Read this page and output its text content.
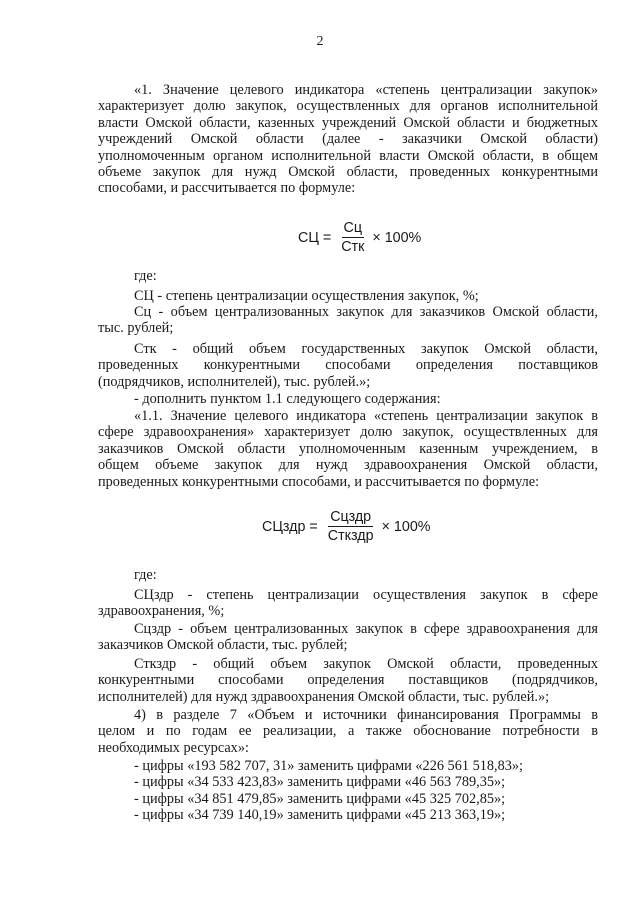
2
«1. Значение целевого индикатора «степень централизации закупок»
характеризует долю закупок, осуществленных для органов исполнительной
власти Омской области, казенных учреждений Омской области и бюджетных
учреждений Омской области (далее - заказчики Омской области)
уполномоченным органом исполнительной власти Омской области, в общем
объеме закупок для нужд Омской области, проведенных конкурентными
способами, и рассчитывается по формуле:
СЦ = $\frac{Сц}{\text{Стк}} \times 100\%$
где:
СЦ - степень централизации осуществления закупок, %;
Сц - объем централизованных закупок для заказчиков Омской области,
тыс. рублей;
Стк - общий объем государственных закупок Омской области,
проведенных конкурентными способами определения поставщиков
(подрядчиков, исполнителей), тыс. рублей.»;
- дополнить пунктом 1.1 следующего содержания:
«1.1. Значение целевого индикатора «степень централизации закупок в
сфере здравоохранения» характеризует долю закупок, осуществленных для
заказчиков Омской области уполномоченным казенным учреждением, в
общем объеме закупок для нужд здравоохранения Омской области,
проведенных конкурентными способами, и рассчитывается по формуле:
СЦздр = $\frac{\text{Сцздр}}{\text{Сткздр}} \times 100\%$
где:
СЦздр - степень централизации осуществления закупок в сфере
здравоохранения, %;
Сцздр - объем централизованных закупок в сфере здравоохранения для
заказчиков Омской области, тыс. рублей;
Сткздр - общий объем закупок Омской области, проведенных
конкурентными способами определения поставщиков (подрядчиков,
исполнителей) для нужд здравоохранения Омской области, тыс. рублей.»;
4) в разделе 7 «Объем и источники финансирования Программы в
целом и по годам ее реализации, а также обоснование потребности в
необходимых ресурсах»:
- цифры «193 582 707, 31» заменить цифрами «226 561 518,83»;
- цифры «34 533 423,83» заменить цифрами «46 563 789,35»;
- цифры «34 851 479,85» заменить цифрами «45 325 702,85»;
- цифры «34 739 140,19» заменить цифрами «45 213 363,19»;
